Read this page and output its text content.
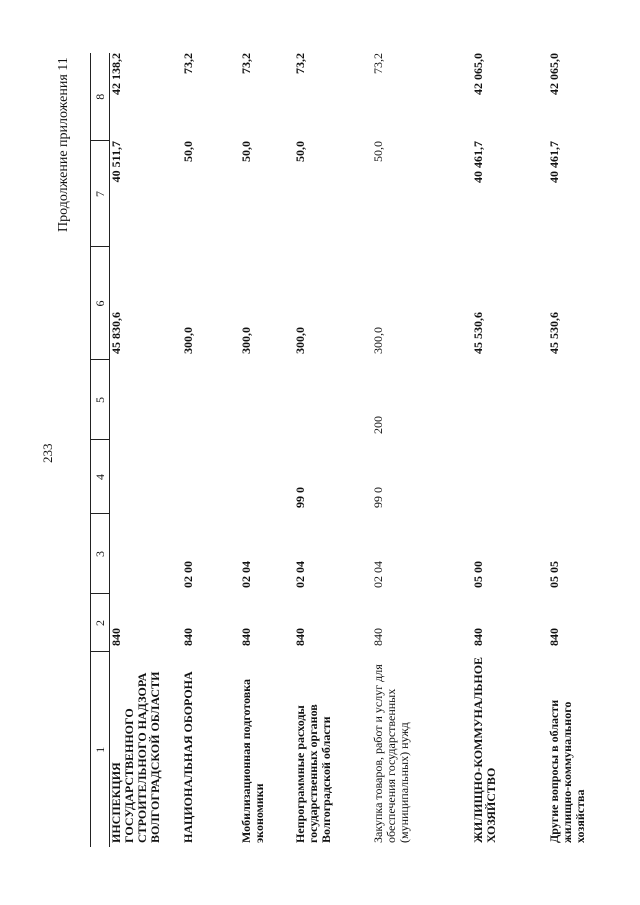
233
Продолжение приложения 11
1	2	3	4	5	6	7	8
ИНСПЕКЦИЯ ГОСУДАРСТВЕННОГО СТРОИТЕЛЬНОГО НАДЗОРА ВОЛГОГРАДСКОЙ ОБЛАСТИ	840				45 830,6	40 511,7	42 138,2
НАЦИОНАЛЬНАЯ ОБОРОНА	840	02 00			300,0	50,0	73,2
Мобилизационная подготовка экономики	840	02 04			300,0	50,0	73,2
Непрограммные расходы государственных органов Волгоградской области	840	02 04	99 0		300,0	50,0	73,2
Закупка товаров, работ и услуг для обеспечения государственных (муниципальных) нужд	840	02 04	99 0	200	300,0	50,0	73,2
ЖИЛИЩНО-КОММУНАЛЬНОЕ ХОЗЯЙСТВО	840	05 00			45 530,6	40 461,7	42 065,0
Другие вопросы в области жилищно-коммунального хозяйства	840	05 05			45 530,6	40 461,7	42 065,0
